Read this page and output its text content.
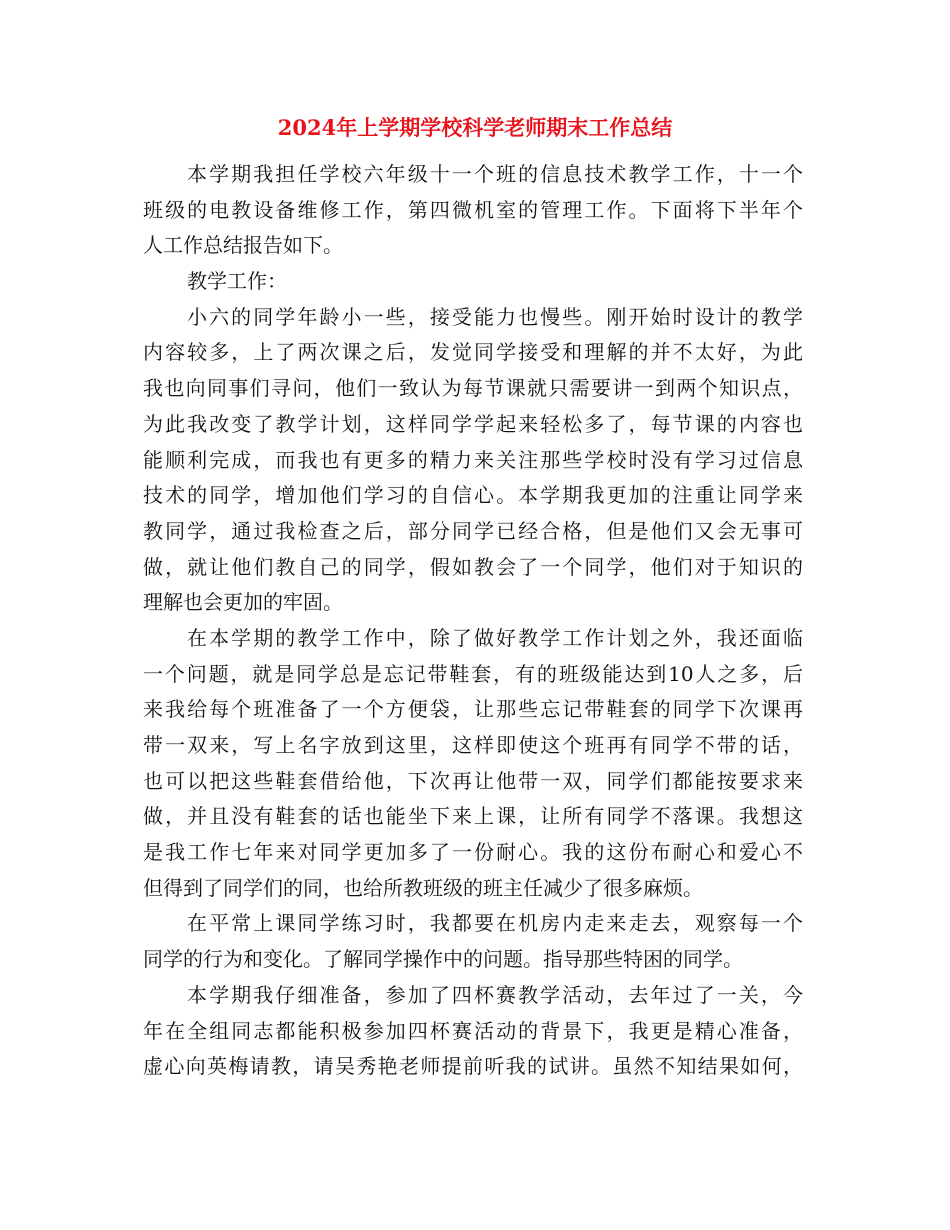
2024年上学期学校科学老师期末工作总结
本学期我担任学校六年级十一个班的信息技术教学工作，十一个
班级的电教设备维修工作，第四微机室的管理工作。下面将下半年个
人工作总结报告如下。
教学工作：
小六的同学年龄小一些，接受能力也慢些。刚开始时设计的教学
内容较多，上了两次课之后，发觉同学接受和理解的并不太好，为此
我也向同事们寻问，他们一致认为每节课就只需要讲一到两个知识点，
为此我改变了教学计划，这样同学学起来轻松多了，每节课的内容也
能顺利完成，而我也有更多的精力来关注那些学校时没有学习过信息
技术的同学，增加他们学习的自信心。本学期我更加的注重让同学来
教同学，通过我检查之后，部分同学已经合格，但是他们又会无事可
做，就让他们教自己的同学，假如教会了一个同学，他们对于知识的
理解也会更加的牢固。
在本学期的教学工作中，除了做好教学工作计划之外，我还面临
一个问题，就是同学总是忘记带鞋套，有的班级能达到10人之多，后
来我给每个班准备了一个方便袋，让那些忘记带鞋套的同学下次课再
带一双来，写上名字放到这里，这样即使这个班再有同学不带的话，
也可以把这些鞋套借给他，下次再让他带一双，同学们都能按要求来
做，并且没有鞋套的话也能坐下来上课，让所有同学不落课。我想这
是我工作七年来对同学更加多了一份耐心。我的这份布耐心和爱心不
但得到了同学们的同，也给所教班级的班主任减少了很多麻烦。
在平常上课同学练习时，我都要在机房内走来走去，观察每一个
同学的行为和变化。了解同学操作中的问题。指导那些特困的同学。
本学期我仔细准备，参加了四杯赛教学活动，去年过了一关，今
年在全组同志都能积极参加四杯赛活动的背景下，我更是精心准备，
虚心向英梅请教，请吴秀艳老师提前听我的试讲。虽然不知结果如何，
